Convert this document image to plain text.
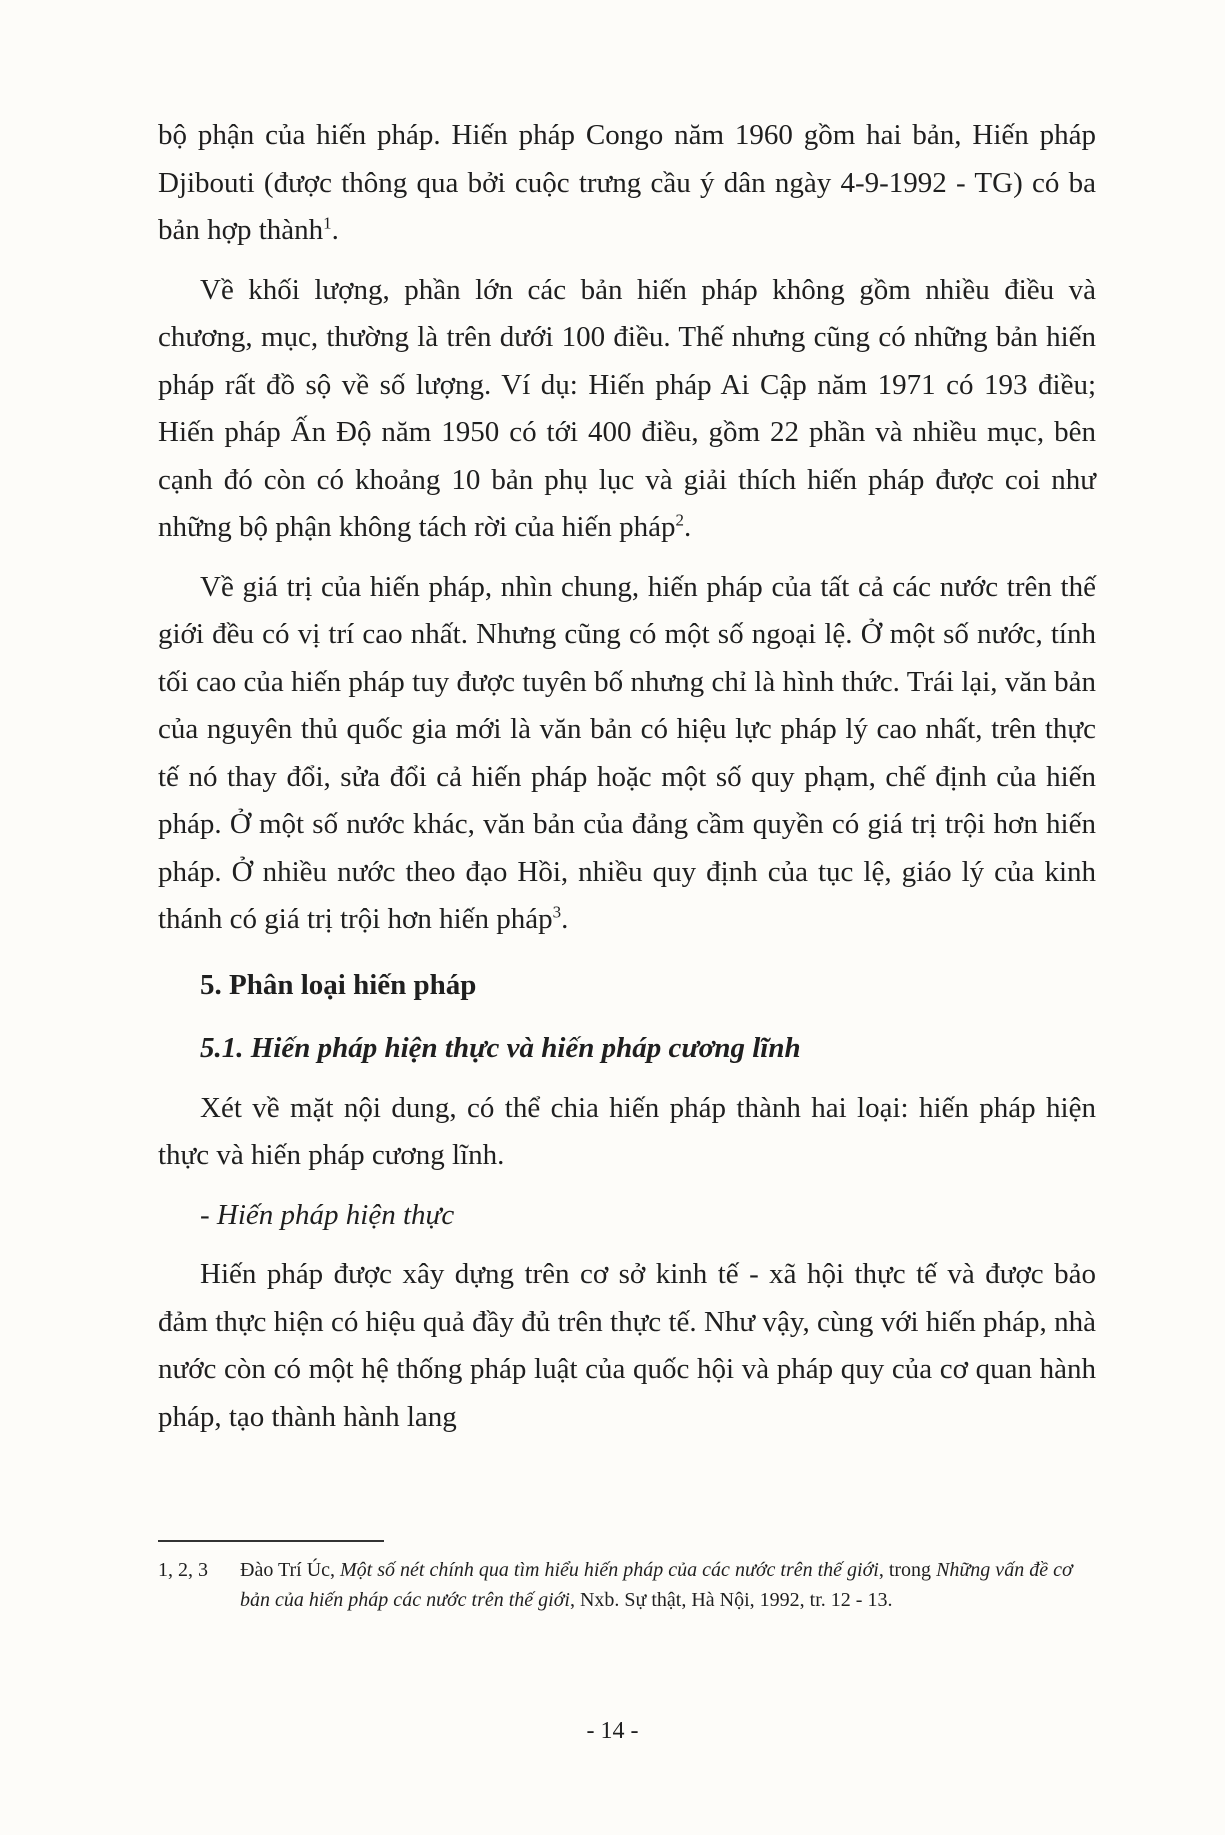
bộ phận của hiến pháp. Hiến pháp Congo năm 1960 gồm hai bản, Hiến pháp Djibouti (được thông qua bởi cuộc trưng cầu ý dân ngày 4-9-1992 - TG) có ba bản hợp thành$^1$.

Về khối lượng, phần lớn các bản hiến pháp không gồm nhiều điều và chương, mục, thường là trên dưới 100 điều. Thế nhưng cũng có những bản hiến pháp rất đồ sộ về số lượng. Ví dụ: Hiến pháp Ai Cập năm 1971 có 193 điều; Hiến pháp Ấn Độ năm 1950 có tới 400 điều, gồm 22 phần và nhiều mục, bên cạnh đó còn có khoảng 10 bản phụ lục và giải thích hiến pháp được coi như những bộ phận không tách rời của hiến pháp$^2$.

Về giá trị của hiến pháp, nhìn chung, hiến pháp của tất cả các nước trên thế giới đều có vị trí cao nhất. Nhưng cũng có một số ngoại lệ. Ở một số nước, tính tối cao của hiến pháp tuy được tuyên bố nhưng chỉ là hình thức. Trái lại, văn bản của nguyên thủ quốc gia mới là văn bản có hiệu lực pháp lý cao nhất, trên thực tế nó thay đổi, sửa đổi cả hiến pháp hoặc một số quy phạm, chế định của hiến pháp. Ở một số nước khác, văn bản của đảng cầm quyền có giá trị trội hơn hiến pháp. Ở nhiều nước theo đạo Hồi, nhiều quy định của tục lệ, giáo lý của kinh thánh có giá trị trội hơn hiến pháp$^3$.

5. Phân loại hiến pháp

5.1. Hiến pháp hiện thực và hiến pháp cương lĩnh

Xét về mặt nội dung, có thể chia hiến pháp thành hai loại: hiến pháp hiện thực và hiến pháp cương lĩnh.

- Hiến pháp hiện thực

Hiến pháp được xây dựng trên cơ sở kinh tế - xã hội thực tế và được bảo đảm thực hiện có hiệu quả đầy đủ trên thực tế. Như vậy, cùng với hiến pháp, nhà nước còn có một hệ thống pháp luật của quốc hội và pháp quy của cơ quan hành pháp, tạo thành hành lang

1, 2, 3	Đào Trí Úc, Một số nét chính qua tìm hiểu hiến pháp của các nước trên thế giới, trong Những vấn đề cơ bản của hiến pháp các nước trên thế giới, Nxb. Sự thật, Hà Nội, 1992, tr. 12 - 13.
- 14 -
